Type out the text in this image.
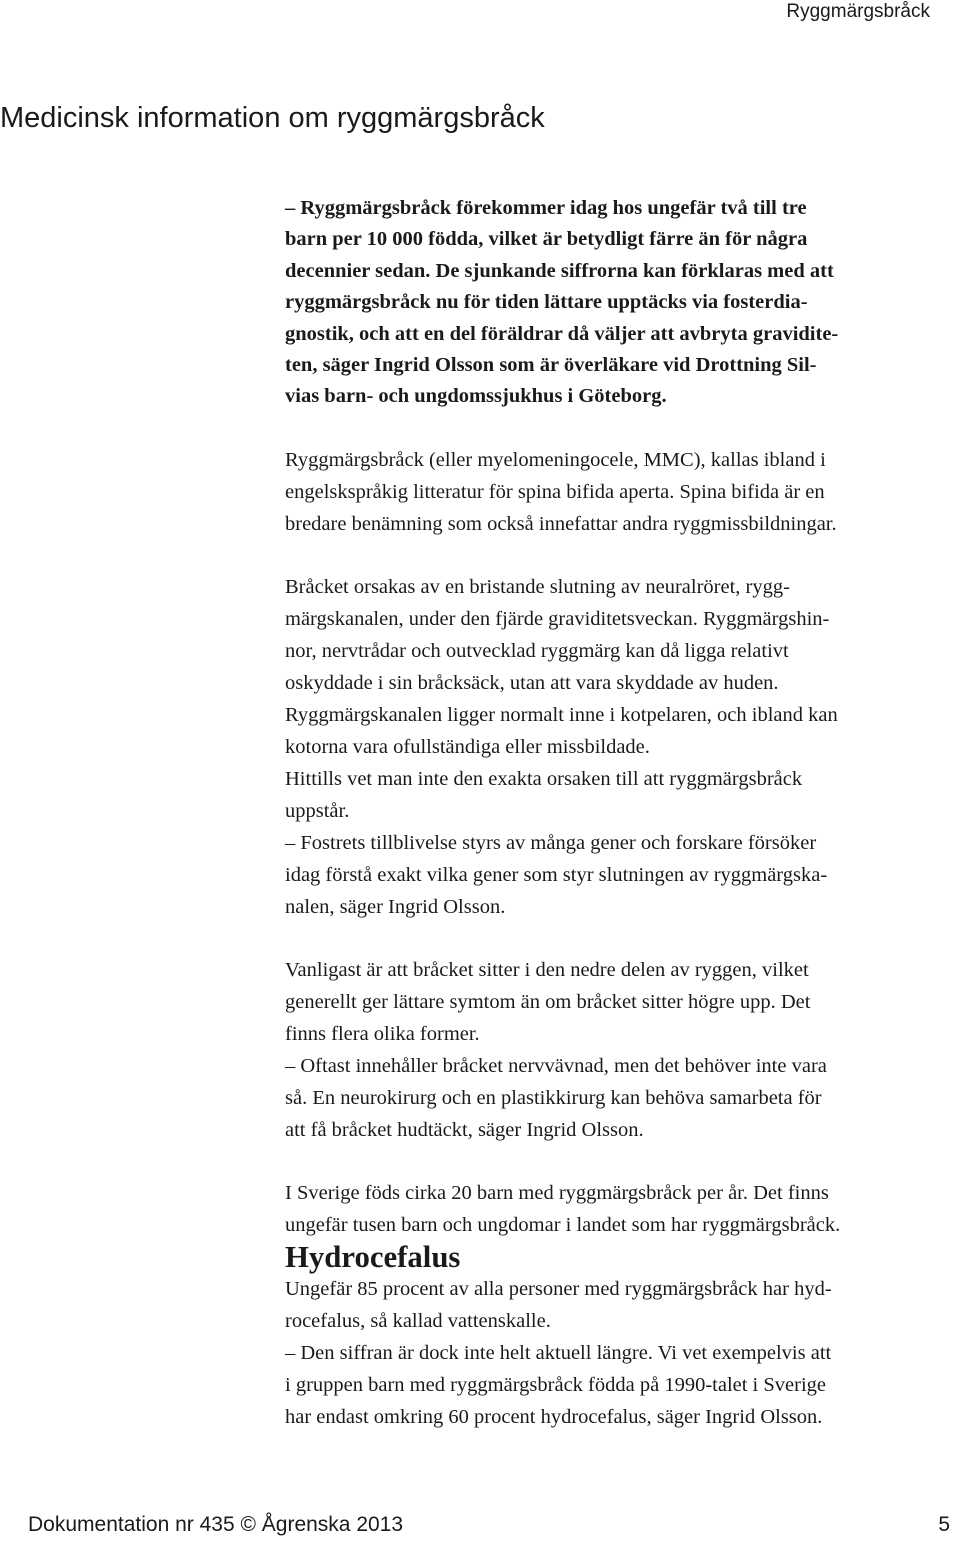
Ryggmärgsbråck
Medicinsk information om ryggmärgsbråck

– Ryggmärgsbråck förekommer idag hos ungefär två till tre
barn per 10 000 födda, vilket är betydligt färre än för några
decennier sedan. De sjunkande siffrorna kan förklaras med att
ryggmärgsbråck nu för tiden lättare upptäcks via fosterdia-
gnostik, och att en del föräldrar då väljer att avbryta graviditе-
ten, säger Ingrid Olsson som är överläkare vid Drottning Sil-
vias barn- och ungdomssjukhus i Göteborg.

Ryggmärgsbråck (eller myelomeningocele, MMC), kallas ibland i
engelskspråkig litteratur för spina bifida aperta. Spina bifida är en
bredare benämning som också innefattar andra ryggmissbildningar.

Bråcket orsakas av en bristande slutning av neuralröret, rygg-
märgskanalen, under den fjärde graviditetsveckan. Ryggmärgshin-
nor, nervtrådar och outvecklad ryggmärg kan då ligga relativt
oskyddade i sin bråcksäck, utan att vara skyddade av huden.
Ryggmärgskanalen ligger normalt inne i kotpelaren, och ibland kan
kotorna vara ofullständiga eller missbildade.
Hittills vet man inte den exakta orsaken till att ryggmärgsbråck
uppstår.
– Fostrets tillblivelse styrs av många gener och forskare försöker
idag förstå exakt vilka gener som styr slutningen av ryggmärgska-
nalen, säger Ingrid Olsson.

Vanligast är att bråcket sitter i den nedre delen av ryggen, vilket
generellt ger lättare symtom än om bråcket sitter högre upp. Det
finns flera olika former.
– Oftast innehåller bråcket nervvävnad, men det behöver inte vara
så. En neurokirurg och en plastikkirurg kan behöva samarbeta för
att få bråcket hudtäckt, säger Ingrid Olsson.

I Sverige föds cirka 20 barn med ryggmärgsbråck per år. Det finns
ungefär tusen barn och ungdomar i landet som har ryggmärgsbråck.

Hydrocefalus

Ungefär 85 procent av alla personer med ryggmärgsbråck har hyd-
rocefalus, så kallad vattenskalle.
– Den siffran är dock inte helt aktuell längre. Vi vet exempelvis att
i gruppen barn med ryggmärgsbråck födda på 1990-talet i Sverige
har endast omkring 60 procent hydrocefalus, säger Ingrid Olsson.

Dokumentation nr 435 © Ågrenska 2013	5
